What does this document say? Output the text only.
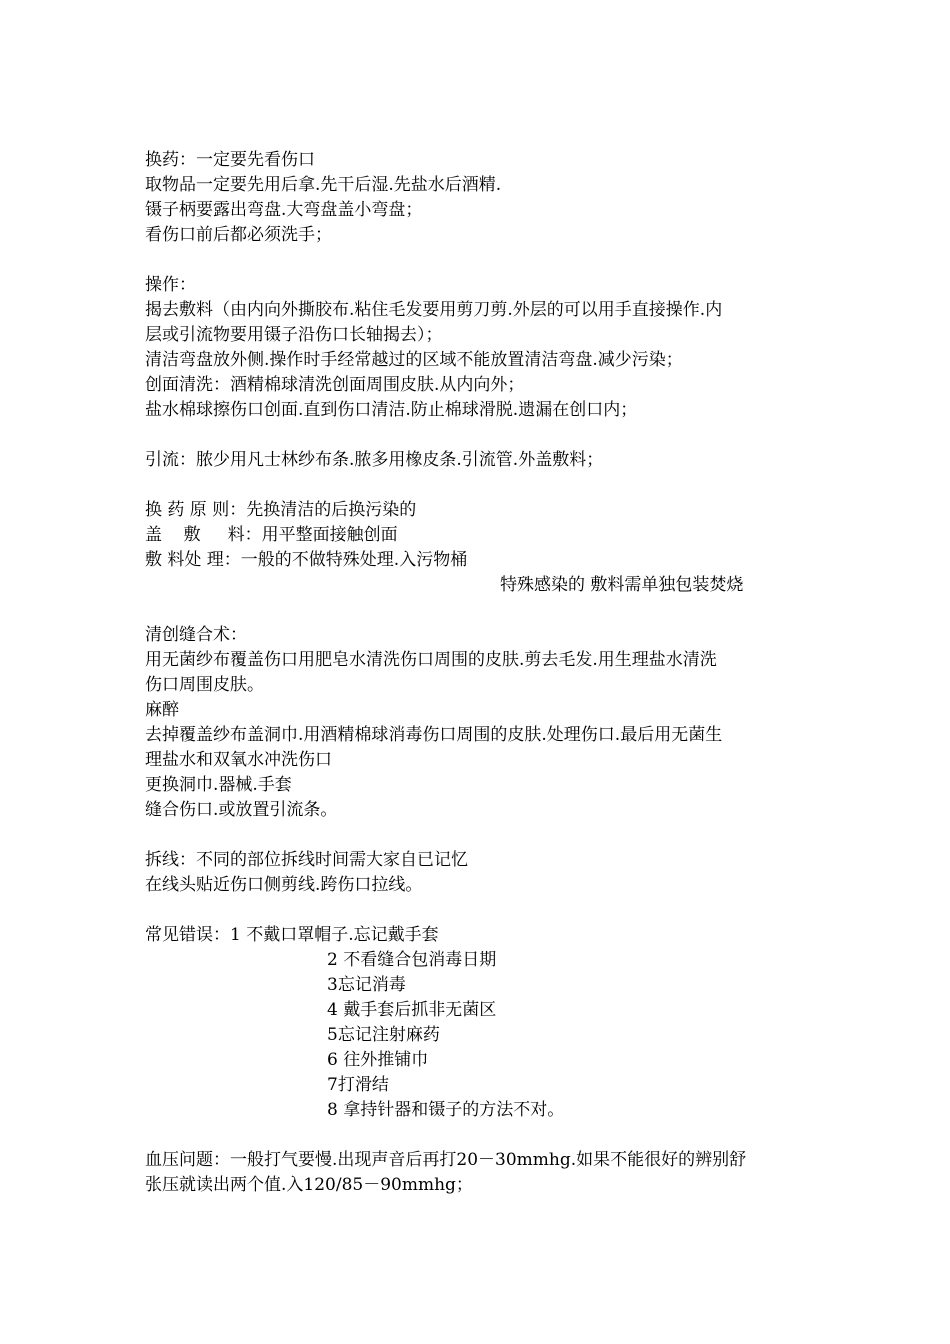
换药：一定要先看伤口
取物品一定要先用后拿.先干后湿.先盐水后酒精.
镊子柄要露出弯盘.大弯盘盖小弯盘；
看伤口前后都必须洗手；
操作：
揭去敷料（由内向外撕胶布.粘住毛发要用剪刀剪.外层的可以用手直接操作.内
层或引流物要用镊子沿伤口长轴揭去）；
清洁弯盘放外侧.操作时手经常越过的区域不能放置清洁弯盘.减少污染；
创面清洗：酒精棉球清洗创面周围皮肤.从内向外；
盐水棉球擦伤口创面.直到伤口清洁.防止棉球滑脱.遗漏在创口内；
引流：脓少用凡士林纱布条.脓多用橡皮条.引流管.外盖敷料；
换 药 原 则：先换清洁的后换污染的
盖    敷     料：用平整面接触创面
敷 料处 理：一般的不做特殊处理.入污物桶
特殊感染的 敷料需单独包装焚烧
清创缝合术：
用无菌纱布覆盖伤口用肥皂水清洗伤口周围的皮肤.剪去毛发.用生理盐水清洗
伤口周围皮肤。
麻醉
去掉覆盖纱布盖洞巾.用酒精棉球消毒伤口周围的皮肤.处理伤口.最后用无菌生
理盐水和双氧水冲洗伤口
更换洞巾.器械.手套
缝合伤口.或放置引流条。
拆线：不同的部位拆线时间需大家自已记忆
在线头贴近伤口侧剪线.跨伤口拉线。
常见错误：1 不戴口罩帽子.忘记戴手套
2 不看缝合包消毒日期
3忘记消毒
4 戴手套后抓非无菌区
5忘记注射麻药
6 往外推铺巾
7打滑结
8 拿持针器和镊子的方法不对。
血压问题：一般打气要慢.出现声音后再打20－30mmhg.如果不能很好的辨别舒
张压就读出两个值.入120/85－90mmhg；
